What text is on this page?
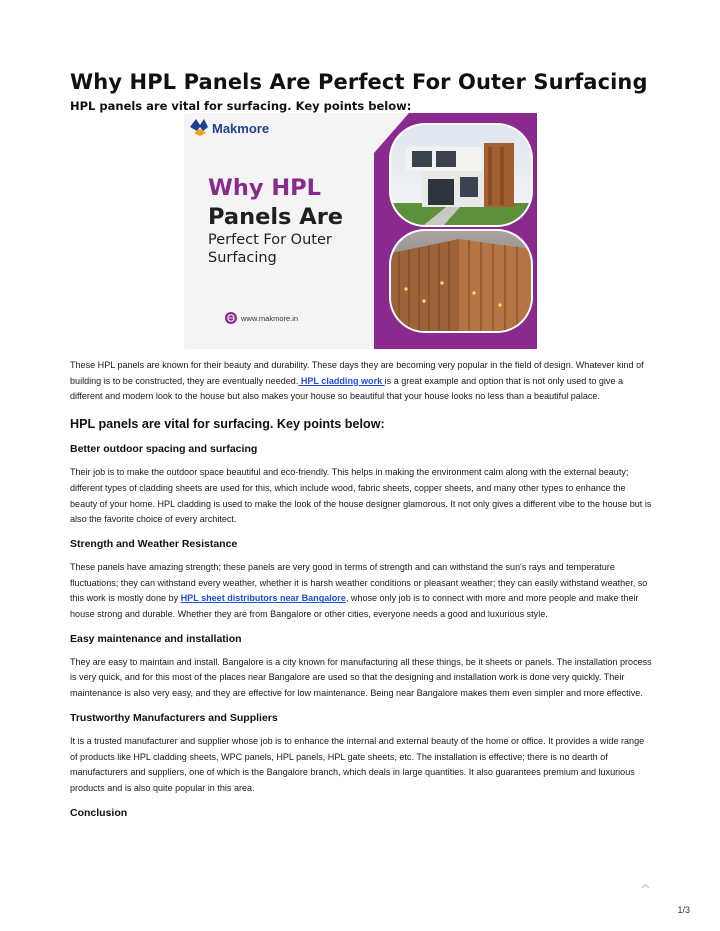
Why HPL Panels Are Perfect For Outer Surfacing
HPL panels are vital for surfacing. Key points below:
Makmore
Why HPL
Panels Are
Perfect For Outer
Surfacing
www.makmore.in

These HPL panels are known for their beauty and durability. These days they are becoming very popular in the field of design. Whatever kind of building is to be constructed, they are eventually needed. HPL cladding work is a great example and option that is not only used to give a different and modern look to the house but also makes your house so beautiful that your house looks no less than a beautiful palace.

HPL panels are vital for surfacing. Key points below:
Better outdoor spacing and surfacing

Their job is to make the outdoor space beautiful and eco-friendly. This helps in making the environment calm along with the external beauty; different types of cladding sheets are used for this, which include wood, fabric sheets, copper sheets, and many other types to enhance the beauty of your home. HPL cladding is used to make the look of the house designer glamorous. It not only gives a different vibe to the house but is also the favorite choice of every architect.

Strength and Weather Resistance

These panels have amazing strength; these panels are very good in terms of strength and can withstand the sun's rays and temperature fluctuations; they can withstand every weather, whether it is harsh weather conditions or pleasant weather; they can easily withstand weather, so this work is mostly done by HPL sheet distributors near Bangalore, whose only job is to connect with more and more people and make their house strong and durable. Whether they are from Bangalore or other cities, everyone needs a good and luxurious style.

Easy maintenance and installation

They are easy to maintain and install. Bangalore is a city known for manufacturing all these things, be it sheets or panels. The installation process is very quick, and for this most of the places near Bangalore are used so that the designing and installation work is done very quickly. Their maintenance is also very easy, and they are effective for low maintenance. Being near Bangalore makes them even simpler and more effective.

Trustworthy Manufacturers and Suppliers

It is a trusted manufacturer and supplier whose job is to enhance the internal and external beauty of the home or office. It provides a wide range of products like HPL cladding sheets, WPC panels, HPL panels, HPL gate sheets, etc. The installation is effective; there is no dearth of manufacturers and suppliers, one of which is the Bangalore branch, which deals in large quantities. It also guarantees premium and luxurious products and is also quite popular in this area.

Conclusion
1/3
